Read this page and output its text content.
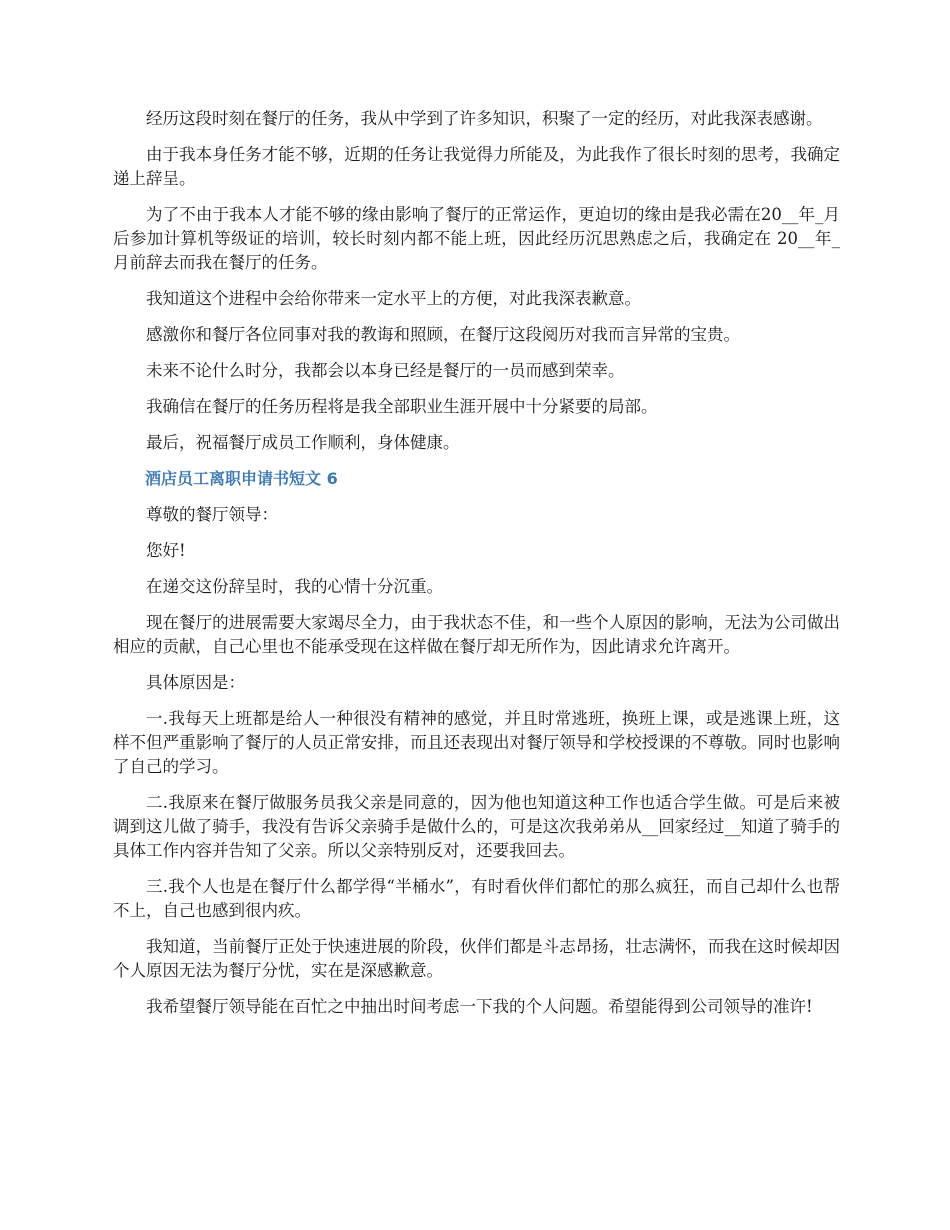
经历这段时刻在餐厅的任务，我从中学到了许多知识，积聚了一定的经历，对此我深表感谢。

由于我本身任务才能不够，近期的任务让我觉得力所能及，为此我作了很长时刻的思考，我确定递上辞呈。

为了不由于我本人才能不够的缘由影响了餐厅的正常运作，更迫切的缘由是我必需在20__年_月后参加计算机等级证的培训，较长时刻内都不能上班，因此经历沉思熟虑之后，我确定在 20__年_月前辞去而我在餐厅的任务。

我知道这个进程中会给你带来一定水平上的方便，对此我深表歉意。

感激你和餐厅各位同事对我的教诲和照顾，在餐厅这段阅历对我而言异常的宝贵。

未来不论什么时分，我都会以本身已经是餐厅的一员而感到荣幸。

我确信在餐厅的任务历程将是我全部职业生涯开展中十分紧要的局部。

最后，祝福餐厅成员工作顺利，身体健康。

酒店员工离职申请书短文 6

尊敬的餐厅领导：

您好!

在递交这份辞呈时，我的心情十分沉重。

现在餐厅的进展需要大家竭尽全力，由于我状态不佳，和一些个人原因的影响，无法为公司做出相应的贡献，自己心里也不能承受现在这样做在餐厅却无所作为，因此请求允许离开。

具体原因是：

一.我每天上班都是给人一种很没有精神的感觉，并且时常逃班，换班上课，或是逃课上班，这样不但严重影响了餐厅的人员正常安排，而且还表现出对餐厅领导和学校授课的不尊敬。同时也影响了自己的学习。

二.我原来在餐厅做服务员我父亲是同意的，因为他也知道这种工作也适合学生做。可是后来被调到这儿做了骑手，我没有告诉父亲骑手是做什么的，可是这次我弟弟从__回家经过__知道了骑手的具体工作内容并告知了父亲。所以父亲特别反对，还要我回去。

三.我个人也是在餐厅什么都学得“半桶水”，有时看伙伴们都忙的那么疯狂，而自己却什么也帮不上，自己也感到很内疚。

我知道，当前餐厅正处于快速进展的阶段，伙伴们都是斗志昂扬，壮志满怀，而我在这时候却因个人原因无法为餐厅分忧，实在是深感歉意。

我希望餐厅领导能在百忙之中抽出时间考虑一下我的个人问题。希望能得到公司领导的准许!
